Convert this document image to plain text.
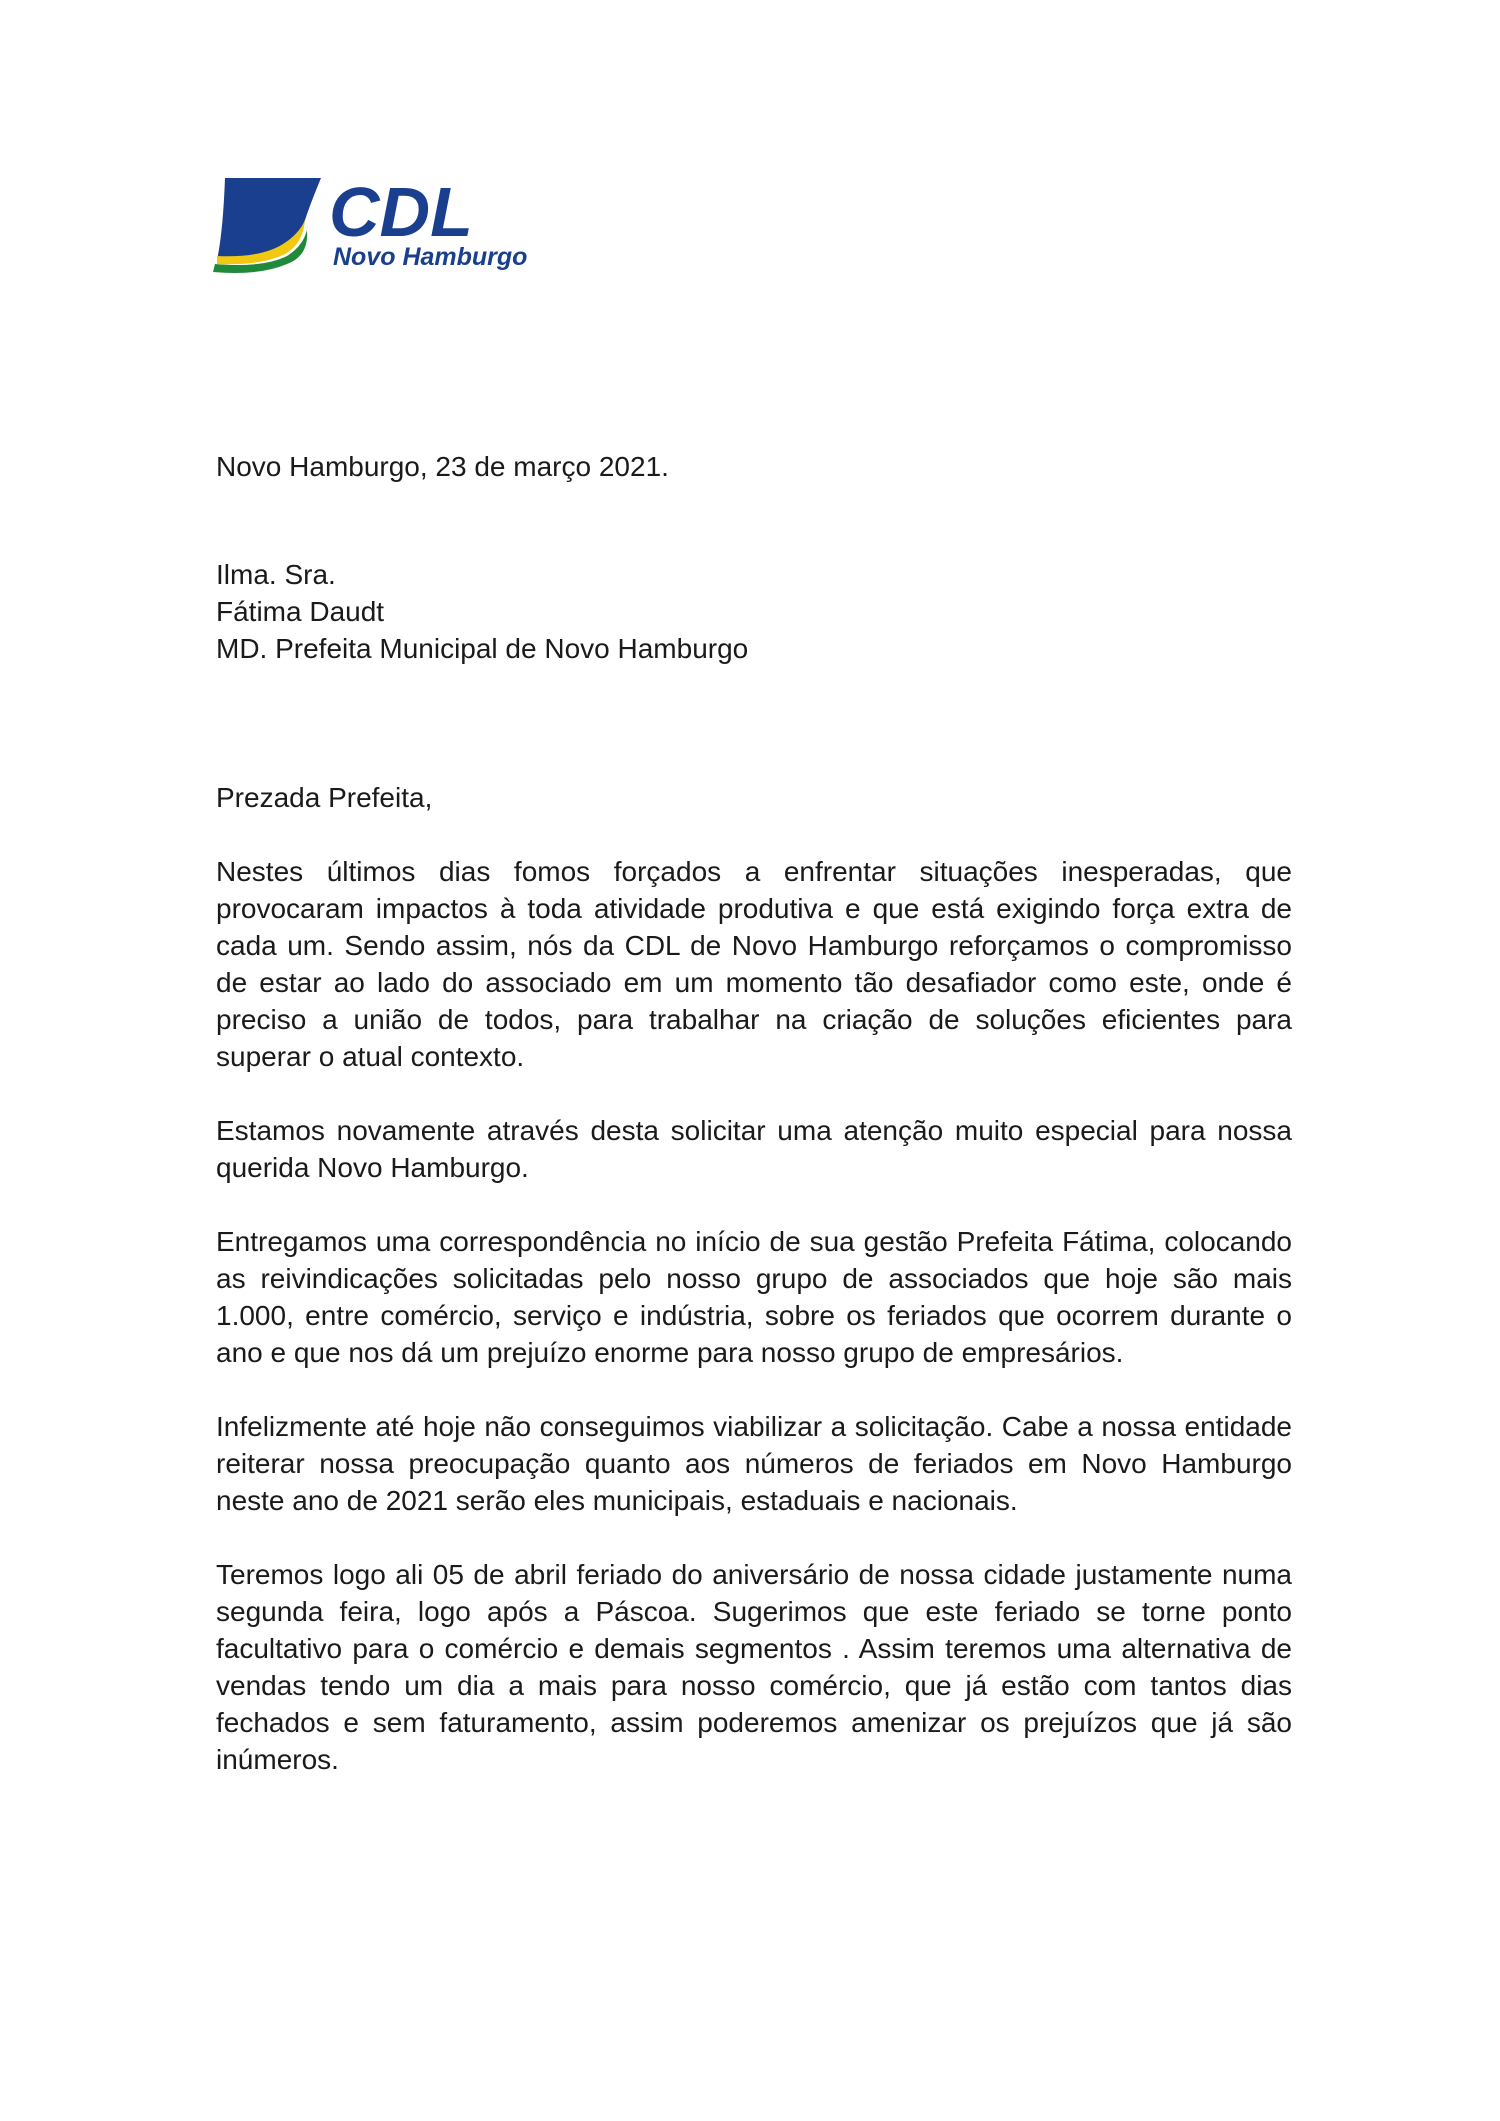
CDL
Novo Hamburgo

Novo Hamburgo, 23 de março 2021.

Ilma. Sra.
Fátima Daudt
MD. Prefeita Municipal de Novo Hamburgo

Prezada Prefeita,

Nestes últimos dias fomos forçados a enfrentar situações inesperadas, que provocaram impactos à toda atividade produtiva e que está exigindo força extra de cada um. Sendo assim, nós da CDL de Novo Hamburgo reforçamos o compromisso de estar ao lado do associado em um momento tão desafiador como este, onde é preciso a união de todos, para trabalhar na criação de soluções eficientes para superar o atual contexto.

Estamos novamente através desta solicitar uma atenção muito especial para nossa querida Novo Hamburgo.

Entregamos uma correspondência no início de sua gestão Prefeita Fátima, colocando as reivindicações solicitadas pelo nosso grupo de associados que hoje são mais 1.000, entre comércio, serviço e indústria, sobre os feriados que ocorrem durante o ano e que nos dá um prejuízo enorme para nosso grupo de empresários.

Infelizmente até hoje não conseguimos viabilizar a solicitação. Cabe a nossa entidade reiterar nossa preocupação quanto aos números de feriados em Novo Hamburgo neste ano de 2021 serão eles municipais, estaduais e nacionais.

Teremos logo ali 05 de abril feriado do aniversário de nossa cidade justamente numa segunda feira, logo após a Páscoa. Sugerimos que este feriado se torne ponto facultativo para o comércio e demais segmentos . Assim teremos uma alternativa de vendas tendo um dia a mais para nosso comércio, que já estão com tantos dias fechados e sem faturamento, assim poderemos amenizar os prejuízos que já são inúmeros.
